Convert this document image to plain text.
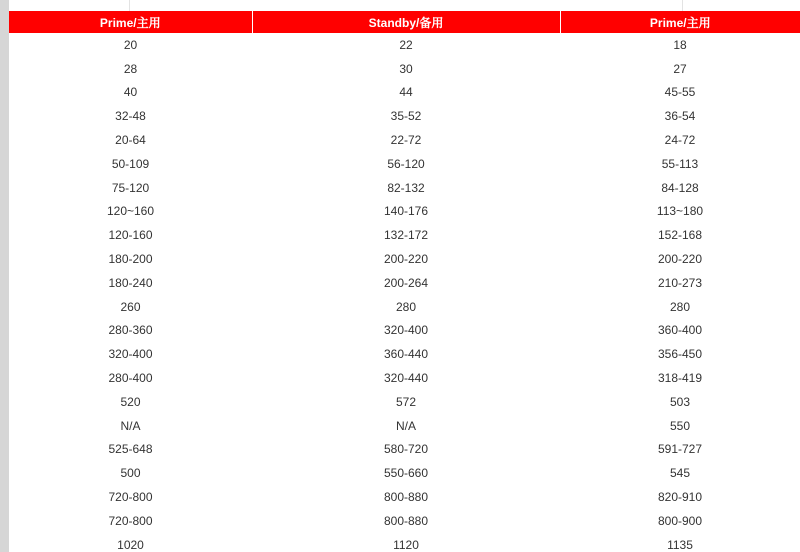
Prime/主用	Standby/备用	Prime/主用
20	22	18
28	30	27
40	44	45-55
32-48	35-52	36-54
20-64	22-72	24-72
50-109	56-120	55-113
75-120	82-132	84-128
120~160	140-176	113~180
120-160	132-172	152-168
180-200	200-220	200-220
180-240	200-264	210-273
260	280	280
280-360	320-400	360-400
320-400	360-440	356-450
280-400	320-440	318-419
520	572	503
N/A	N/A	550
525-648	580-720	591-727
500	550-660	545
720-800	800-880	820-910
720-800	800-880	800-900
1020	1120	1135
